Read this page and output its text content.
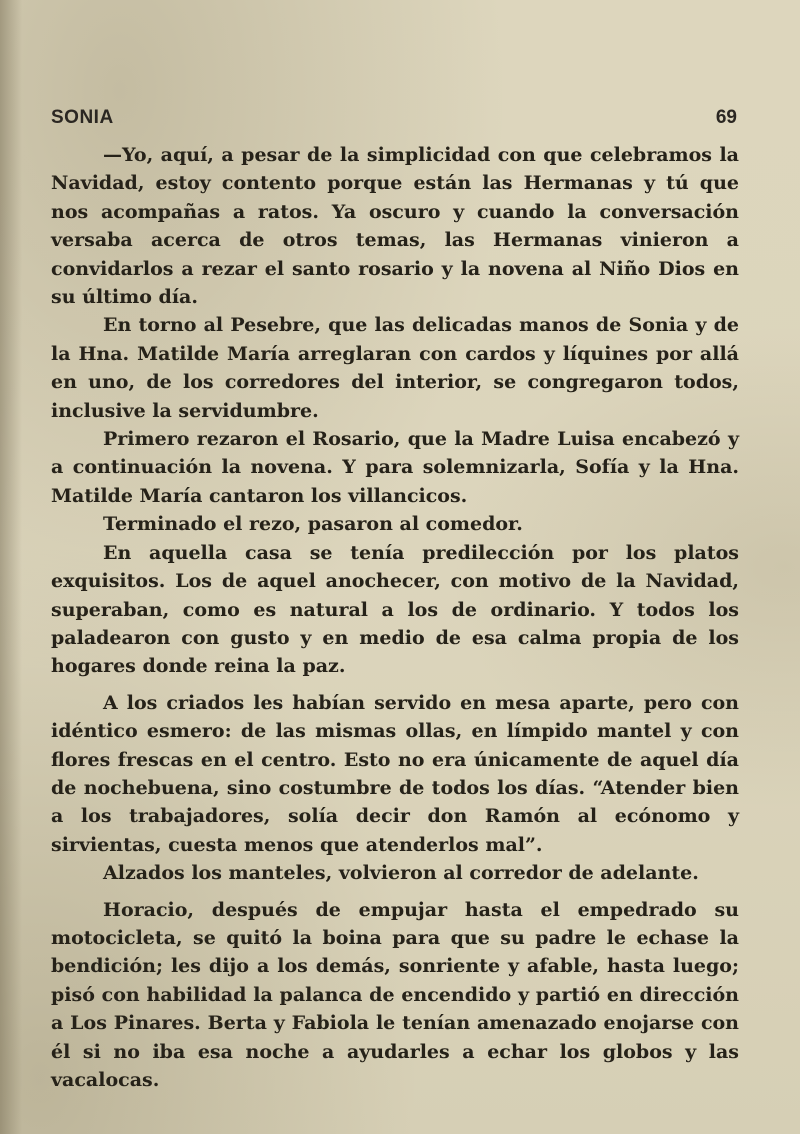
SONIA	69

—Yo, aquí, a pesar de la simplicidad con que celebramos la Navidad, estoy contento porque están las Hermanas y tú que nos acompañas a ratos. Ya oscuro y cuando la conversación versaba acerca de otros temas, las Hermanas vinieron a convidarlos a rezar el santo rosario y la novena al Niño Dios en su último día.

En torno al Pesebre, que las delicadas manos de Sonia y de la Hna. Matilde María arreglaran con cardos y líquines por allá en uno, de los corredores del interior, se congregaron todos, inclusive la servidumbre.

Primero rezaron el Rosario, que la Madre Luisa encabezó y a continuación la novena. Y para solemnizarla, Sofía y la Hna. Matilde María cantaron los villancicos.

Terminado el rezo, pasaron al comedor.

En aquella casa se tenía predilección por los platos exquisitos. Los de aquel anochecer, con motivo de la Navidad, superaban, como es natural a los de ordinario. Y todos los paladearon con gusto y en medio de esa calma propia de los hogares donde reina la paz.

A los criados les habían servido en mesa aparte, pero con idéntico esmero: de las mismas ollas, en límpido mantel y con flores frescas en el centro. Esto no era únicamente de aquel día de nochebuena, sino costumbre de todos los días. “Atender bien a los trabajadores, solía decir don Ramón al ecónomo y sirvientas, cuesta menos que atenderlos mal”.

Alzados los manteles, volvieron al corredor de adelante.

Horacio, después de empujar hasta el empedrado su motocicleta, se quitó la boina para que su padre le echase la bendición; les dijo a los demás, sonriente y afable, hasta luego; pisó con habilidad la palanca de encendido y partió en dirección a Los Pinares. Berta y Fabiola le tenían amenazado enojarse con él si no iba esa noche a ayudarles a echar los globos y las vacalocas.
